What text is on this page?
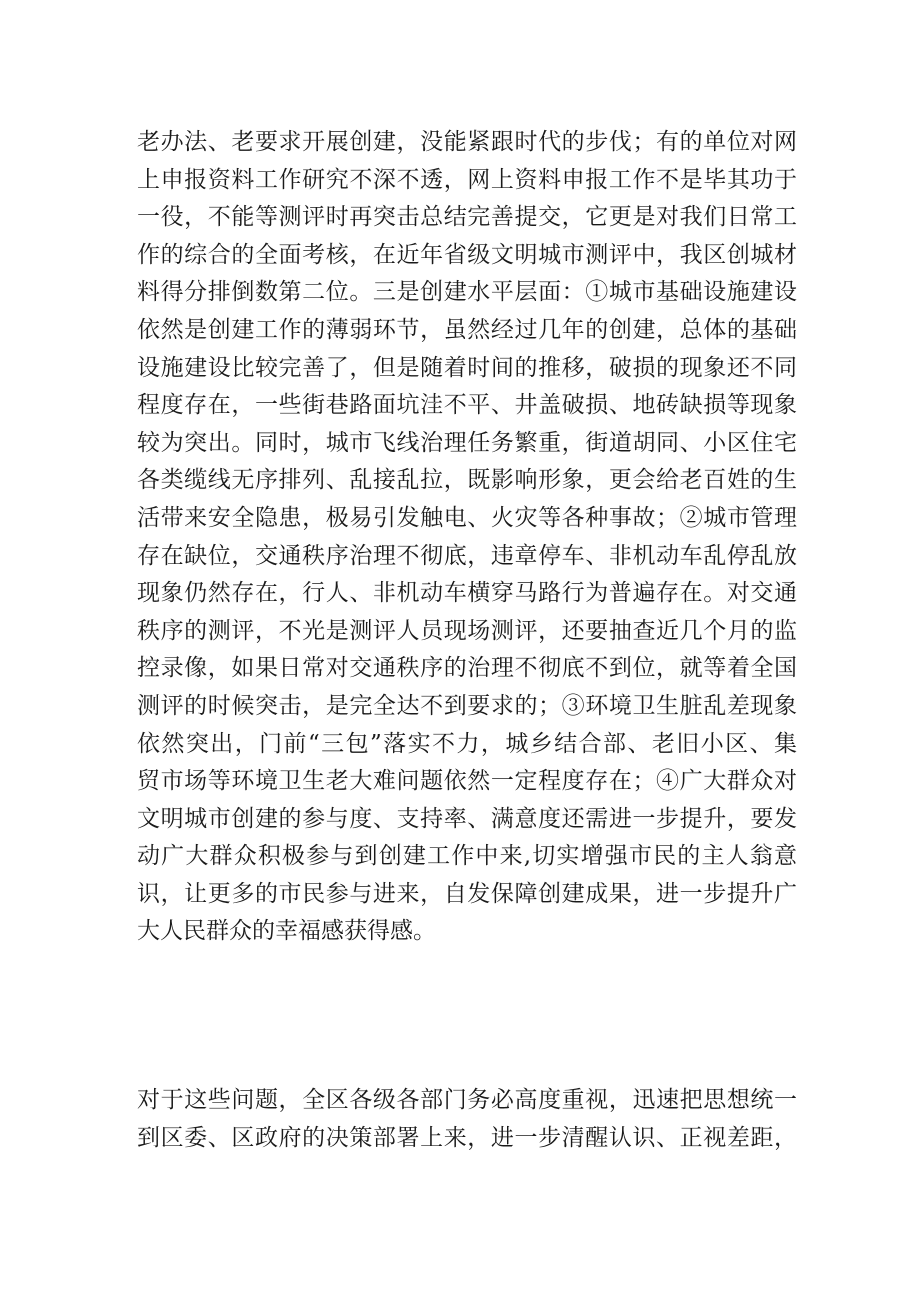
老办法、老要求开展创建，没能紧跟时代的步伐；有的单位对网
上申报资料工作研究不深不透，网上资料申报工作不是毕其功于
一役，不能等测评时再突击总结完善提交，它更是对我们日常工
作的综合的全面考核，在近年省级文明城市测评中，我区创城材
料得分排倒数第二位。三是创建水平层面：①城市基础设施建设
依然是创建工作的薄弱环节，虽然经过几年的创建，总体的基础
设施建设比较完善了，但是随着时间的推移，破损的现象还不同
程度存在，一些街巷路面坑洼不平、井盖破损、地砖缺损等现象
较为突出。同时，城市飞线治理任务繁重，街道胡同、小区住宅
各类缆线无序排列、乱接乱拉，既影响形象，更会给老百姓的生
活带来安全隐患，极易引发触电、火灾等各种事故；②城市管理
存在缺位，交通秩序治理不彻底，违章停车、非机动车乱停乱放
现象仍然存在，行人、非机动车横穿马路行为普遍存在。对交通
秩序的测评，不光是测评人员现场测评，还要抽查近几个月的监
控录像，如果日常对交通秩序的治理不彻底不到位，就等着全国
测评的时候突击，是完全达不到要求的；③环境卫生脏乱差现象
依然突出，门前“三包”落实不力，城乡结合部、老旧小区、集
贸市场等环境卫生老大难问题依然一定程度存在；④广大群众对
文明城市创建的参与度、支持率、满意度还需进一步提升，要发
动广大群众积极参与到创建工作中来,切实增强市民的主人翁意
识，让更多的市民参与进来，自发保障创建成果，进一步提升广
大人民群众的幸福感获得感。
对于这些问题，全区各级各部门务必高度重视，迅速把思想统一
到区委、区政府的决策部署上来，进一步清醒认识、正视差距，
